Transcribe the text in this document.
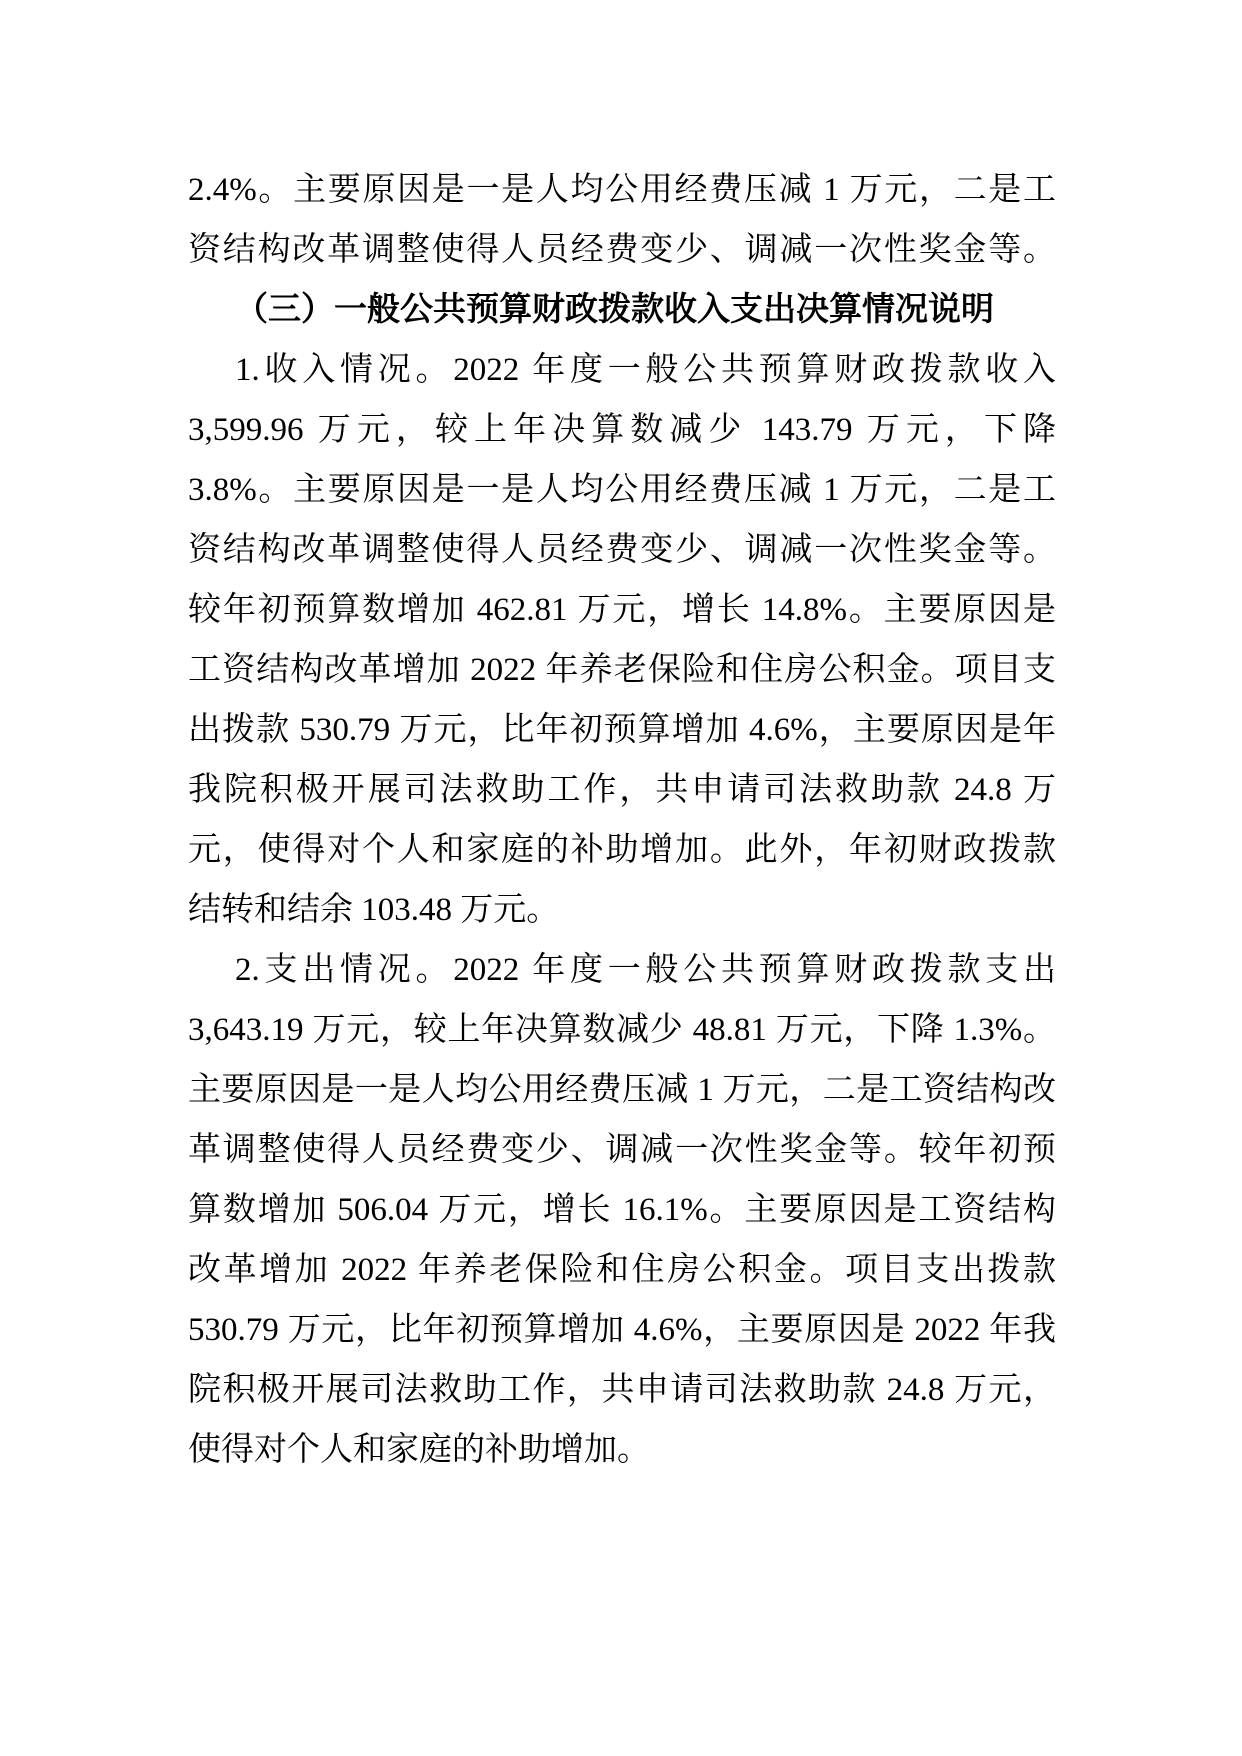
2.4%。主要原因是一是人均公用经费压减 1 万元，二是工
资结构改革调整使得人员经费变少、调减一次性奖金等。
（三）一般公共预算财政拨款收入支出决算情况说明
1.收入情况。2022 年度一般公共预算财政拨款收入
3,599.96 万元，较上年决算数减少 143.79 万元，下降
3.8%。主要原因是一是人均公用经费压减 1 万元，二是工
资结构改革调整使得人员经费变少、调减一次性奖金等。
较年初预算数增加 462.81 万元，增长 14.8%。主要原因是
工资结构改革增加 2022 年养老保险和住房公积金。项目支
出拨款 530.79 万元，比年初预算增加 4.6%，主要原因是年
我院积极开展司法救助工作，共申请司法救助款 24.8 万
元，使得对个人和家庭的补助增加。此外，年初财政拨款
结转和结余 103.48 万元。
2.支出情况。2022 年度一般公共预算财政拨款支出
3,643.19 万元，较上年决算数减少 48.81 万元，下降 1.3%。
主要原因是一是人均公用经费压减 1 万元，二是工资结构改
革调整使得人员经费变少、调减一次性奖金等。较年初预
算数增加 506.04 万元，增长 16.1%。主要原因是工资结构
改革增加 2022 年养老保险和住房公积金。项目支出拨款
530.79 万元，比年初预算增加 4.6%，主要原因是 2022 年我
院积极开展司法救助工作，共申请司法救助款 24.8 万元，
使得对个人和家庭的补助增加。
